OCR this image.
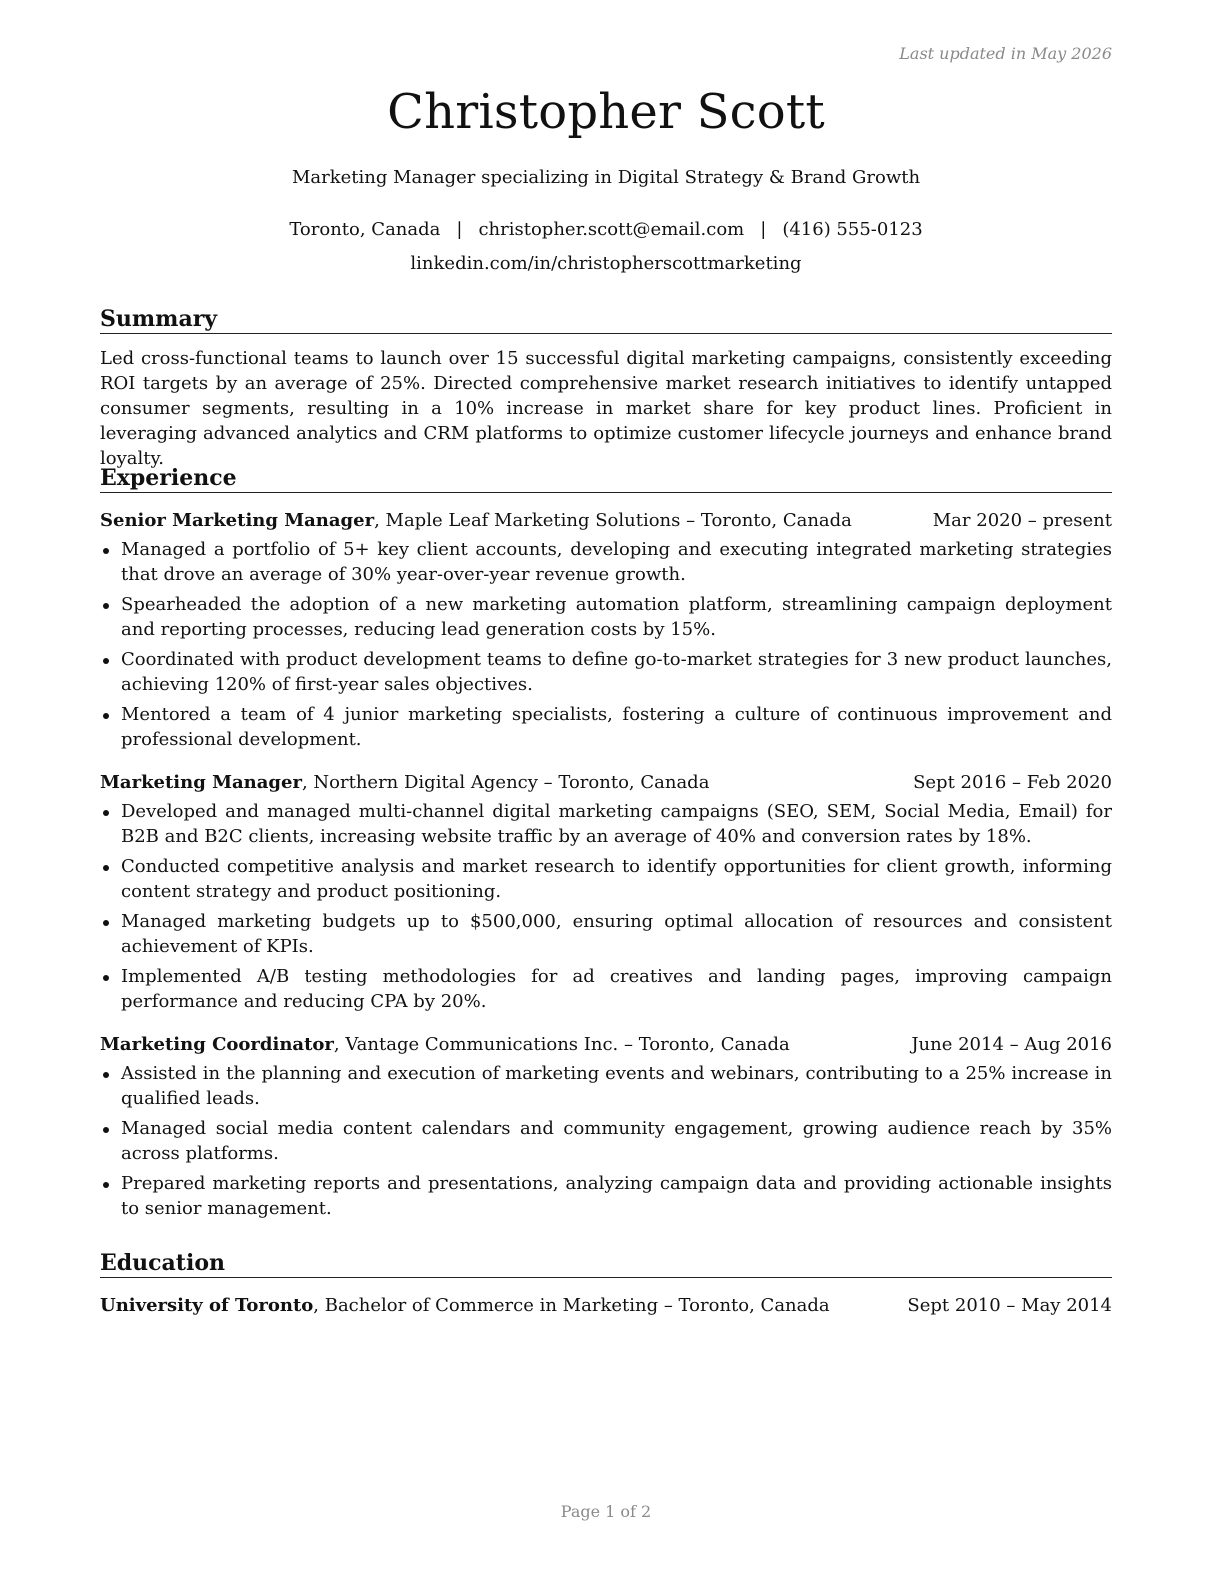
Last updated in May 2026
Christopher Scott
Marketing Manager specializing in Digital Strategy & Brand Growth
Toronto, Canada | christopher.scott@email.com | (416) 555-0123
linkedin.com/in/christopherscottmarketing
Summary
Led cross-functional teams to launch over 15 successful digital marketing campaigns, consistently exceeding ROI targets by an average of 25%. Directed comprehensive market research initiatives to identify untapped consumer segments, resulting in a 10% increase in market share for key product lines. Proficient in leveraging advanced analytics and CRM platforms to optimize customer lifecycle journeys and enhance brand loyalty.
Experience
Senior Marketing Manager, Maple Leaf Marketing Solutions – Toronto, Canada	Mar 2020 – present
Managed a portfolio of 5+ key client accounts, developing and executing integrated marketing strategies that drove an average of 30% year-over-year revenue growth.
Spearheaded the adoption of a new marketing automation platform, streamlining campaign deployment and reporting processes, reducing lead generation costs by 15%.
Coordinated with product development teams to define go-to-market strategies for 3 new product launches, achieving 120% of first-year sales objectives.
Mentored a team of 4 junior marketing specialists, fostering a culture of continuous improvement and professional development.
Marketing Manager, Northern Digital Agency – Toronto, Canada	Sept 2016 – Feb 2020
Developed and managed multi-channel digital marketing campaigns (SEO, SEM, Social Media, Email) for B2B and B2C clients, increasing website traffic by an average of 40% and conversion rates by 18%.
Conducted competitive analysis and market research to identify opportunities for client growth, informing content strategy and product positioning.
Managed marketing budgets up to $500,000, ensuring optimal allocation of resources and consistent achievement of KPIs.
Implemented A/B testing methodologies for ad creatives and landing pages, improving campaign performance and reducing CPA by 20%.
Marketing Coordinator, Vantage Communications Inc. – Toronto, Canada	June 2014 – Aug 2016
Assisted in the planning and execution of marketing events and webinars, contributing to a 25% increase in qualified leads.
Managed social media content calendars and community engagement, growing audience reach by 35% across platforms.
Prepared marketing reports and presentations, analyzing campaign data and providing actionable insights to senior management.
Education
University of Toronto, Bachelor of Commerce in Marketing – Toronto, Canada	Sept 2010 – May 2014
Page 1 of 2
